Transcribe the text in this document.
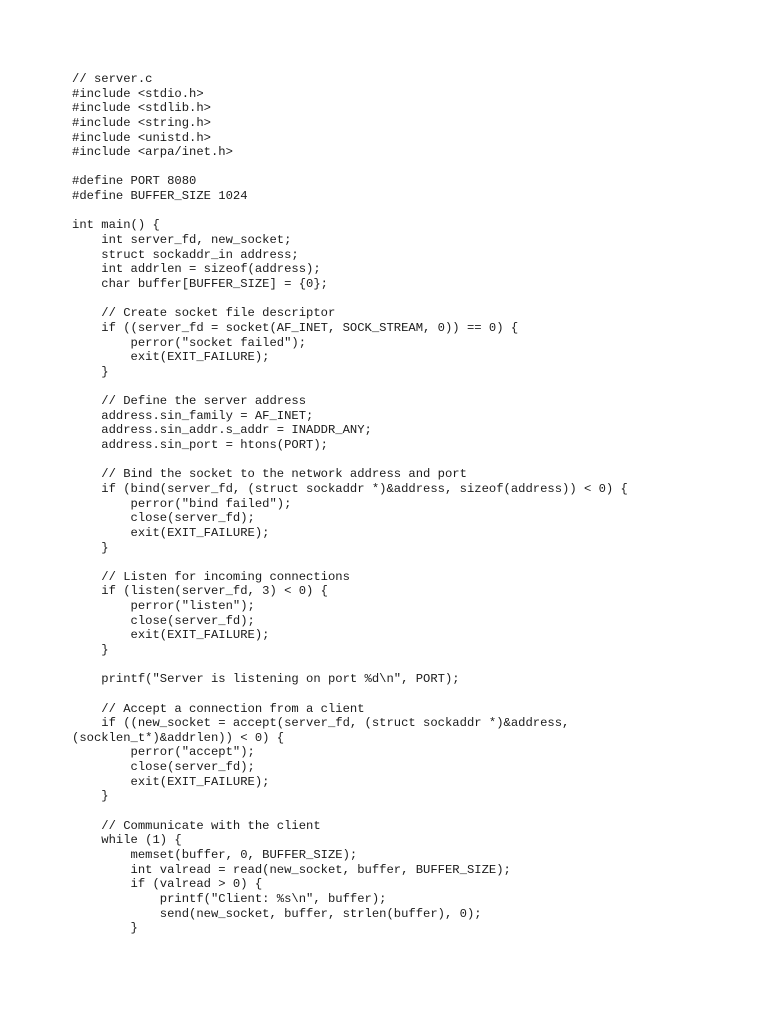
// server.c
#include <stdio.h>
#include <stdlib.h>
#include <string.h>
#include <unistd.h>
#include <arpa/inet.h>
#define PORT 8080
#define BUFFER_SIZE 1024
int main() {
int server_fd, new_socket;
struct sockaddr_in address;
int addrlen = sizeof(address);
char buffer[BUFFER_SIZE] = {0};
// Create socket file descriptor
if ((server_fd = socket(AF_INET, SOCK_STREAM, 0)) == 0) {
perror("socket failed");
exit(EXIT_FAILURE);
}
// Define the server address
address.sin_family = AF_INET;
address.sin_addr.s_addr = INADDR_ANY;
address.sin_port = htons(PORT);
// Bind the socket to the network address and port
if (bind(server_fd, (struct sockaddr *)&address, sizeof(address)) < 0) {
perror("bind failed");
close(server_fd);
exit(EXIT_FAILURE);
}
// Listen for incoming connections
if (listen(server_fd, 3) < 0) {
perror("listen");
close(server_fd);
exit(EXIT_FAILURE);
}
printf("Server is listening on port %d\n", PORT);
// Accept a connection from a client
if ((new_socket = accept(server_fd, (struct sockaddr *)&address,
(socklen_t*)&addrlen)) < 0) {
perror("accept");
close(server_fd);
exit(EXIT_FAILURE);
}
// Communicate with the client
while (1) {
memset(buffer, 0, BUFFER_SIZE);
int valread = read(new_socket, buffer, BUFFER_SIZE);
if (valread > 0) {
printf("Client: %s\n", buffer);
send(new_socket, buffer, strlen(buffer), 0);
}
